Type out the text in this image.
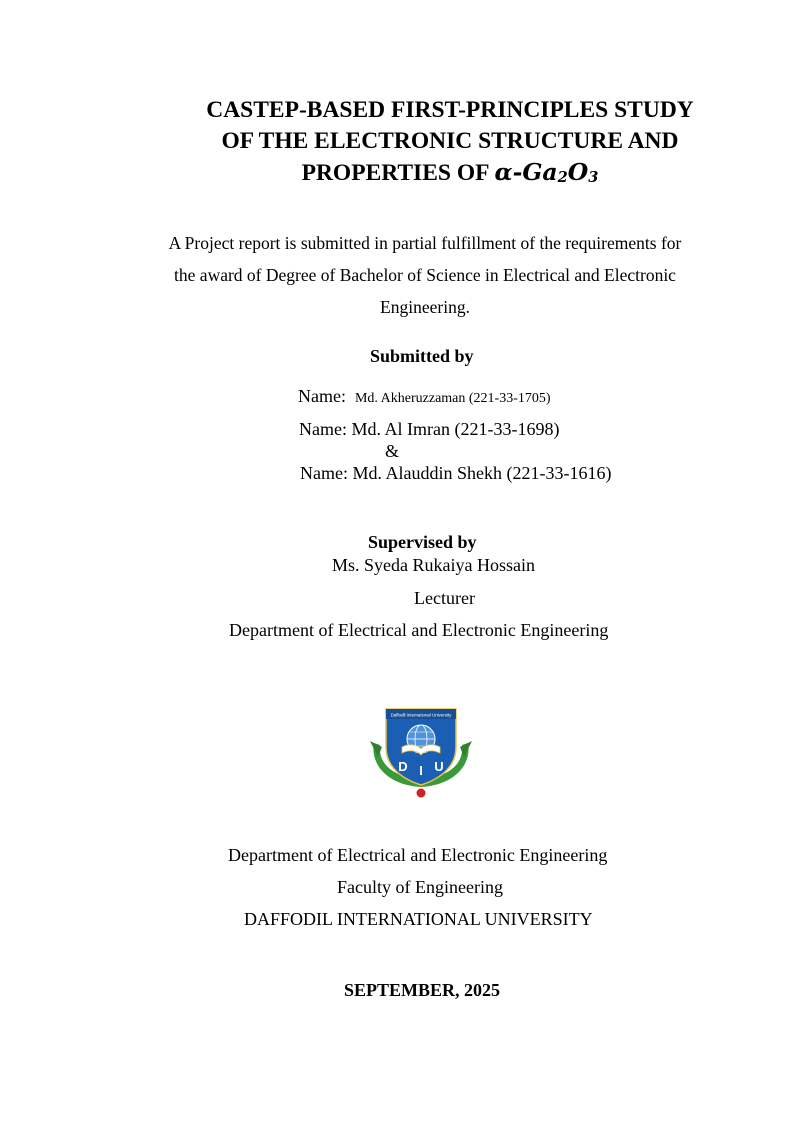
CASTEP-BASED FIRST-PRINCIPLES STUDY
OF THE ELECTRONIC STRUCTURE AND
PROPERTIES OF $\alpha-Ga_2O_3$
A Project report is submitted in partial fulfillment of the requirements for
the award of Degree of Bachelor of Science in Electrical and Electronic
Engineering.
Submitted by
Name: Md. Akheruzzaman (221-33-1705)
Name: Md. Al Imran (221-33-1698)
&
Name: Md. Alauddin Shekh (221-33-1616)
Supervised by
Ms. Syeda Rukaiya Hossain
Lecturer
Department of Electrical and Electronic Engineering
Daffodil International University
D I U
Department of Electrical and Electronic Engineering
Faculty of Engineering
DAFFODIL INTERNATIONAL UNIVERSITY
SEPTEMBER, 2025
